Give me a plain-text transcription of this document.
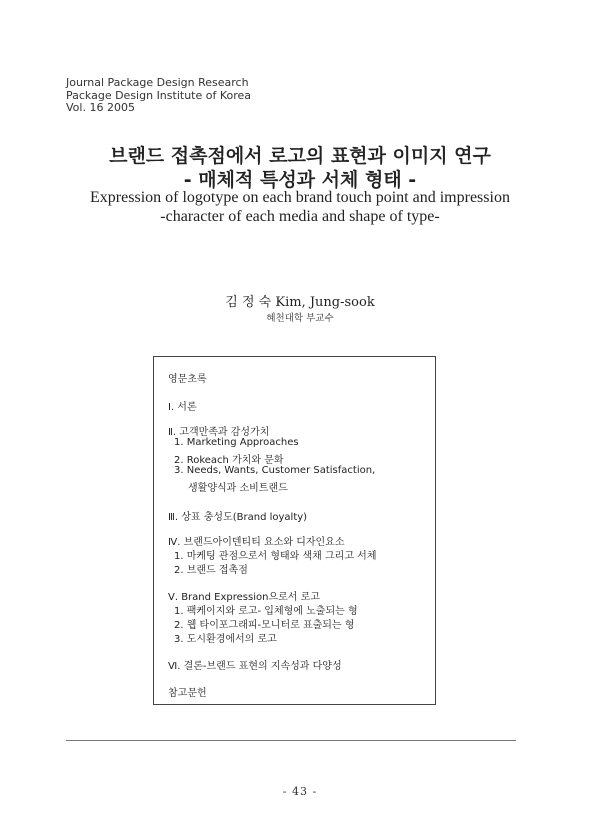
Journal Package Design Research
Package Design Institute of Korea
Vol. 16 2005
브랜드 접촉점에서 로고의 표현과 이미지 연구
- 매체적 특성과 서체 형태 -
Expression of logotype on each brand touch point and impression
-character of each media and shape of type-
김 정 숙 Kim, Jung-sook
혜천대학 부교수
영문초록
Ⅰ. 서론
Ⅱ. 고객만족과 감성가치
1. Marketing Approaches
2. Rokeach 가치와 문화
3. Needs, Wants, Customer Satisfaction,
생활양식과 소비트랜드
Ⅲ. 상표 충성도(Brand loyalty)
Ⅳ. 브랜드아이덴티티 요소와 디자인요소
1. 마케팅 관점으로서 형태와 색채 그리고 서체
2. 브랜드 접촉점
Ⅴ. Brand Expression으로서 로고
1. 팩케이지와 로고- 입체형에 노출되는 형
2. 웹 타이포그래피-모니터로 표출되는 형
3. 도시환경에서의 로고
Ⅵ. 결론-브랜드 표현의 지속성과 다양성
참고문헌
- 43 -
